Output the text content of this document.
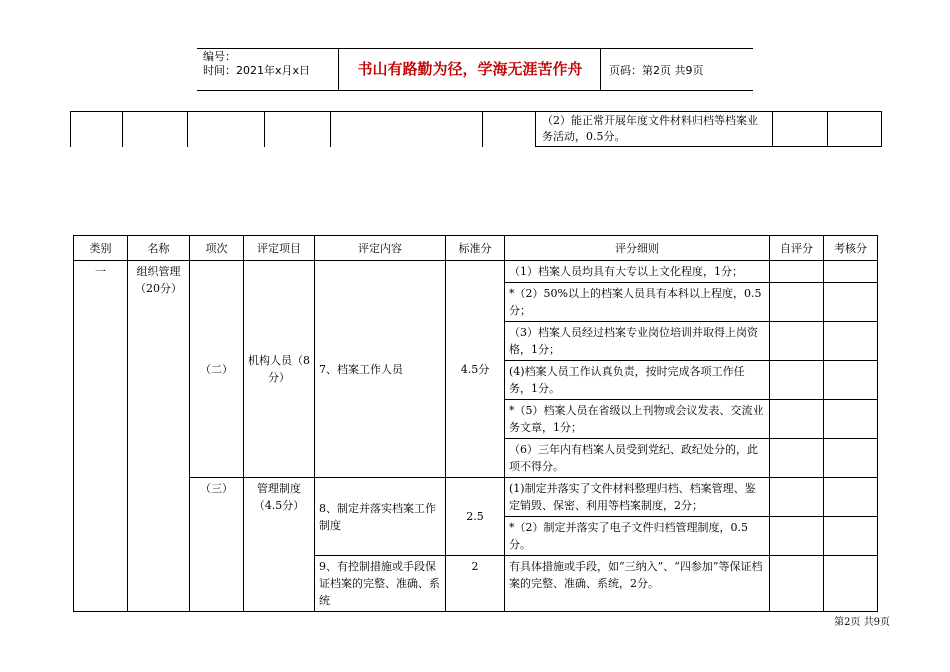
编号：
时间：2021年x月x日	书山有路勤为径，学海无涯苦作舟	页码：第2页 共9页
（2）能正常开展年度文件材料归档等档案业务活动，0.5分。
类别	名称	项次	评定项目	评定内容	标准分	评分细则	自评分	考核分
一	组织管理（20分）	（二）	机构人员（8分）	7、档案工作人员	4.5分	（1）档案人员均具有大专以上文化程度，1分；		
						*（2）50%以上的档案人员具有本科以上程度，0.5分；		
						（3）档案人员经过档案专业岗位培训并取得上岗资格，1分；		
						(4)档案人员工作认真负责，按时完成各项工作任务，1分。		
						*（5）档案人员在省级以上刊物或会议发表、交流业务文章，1分；		
						（6）三年内有档案人员受到党纪、政纪处分的，此项不得分。		
		（三）	管理制度（4.5分）	8、制定并落实档案工作制度	2.5	(1)制定并落实了文件材料整理归档、档案管理、鉴定销毁、保密、利用等档案制度，2分；		
						*（2）制定并落实了电子文件归档管理制度，0.5分。		
				9、有控制措施或手段保证档案的完整、准确、系统	2	有具体措施或手段，如“三纳入”、“四参加”等保证档案的完整、准确、系统，2分。		
第2页 共9页
